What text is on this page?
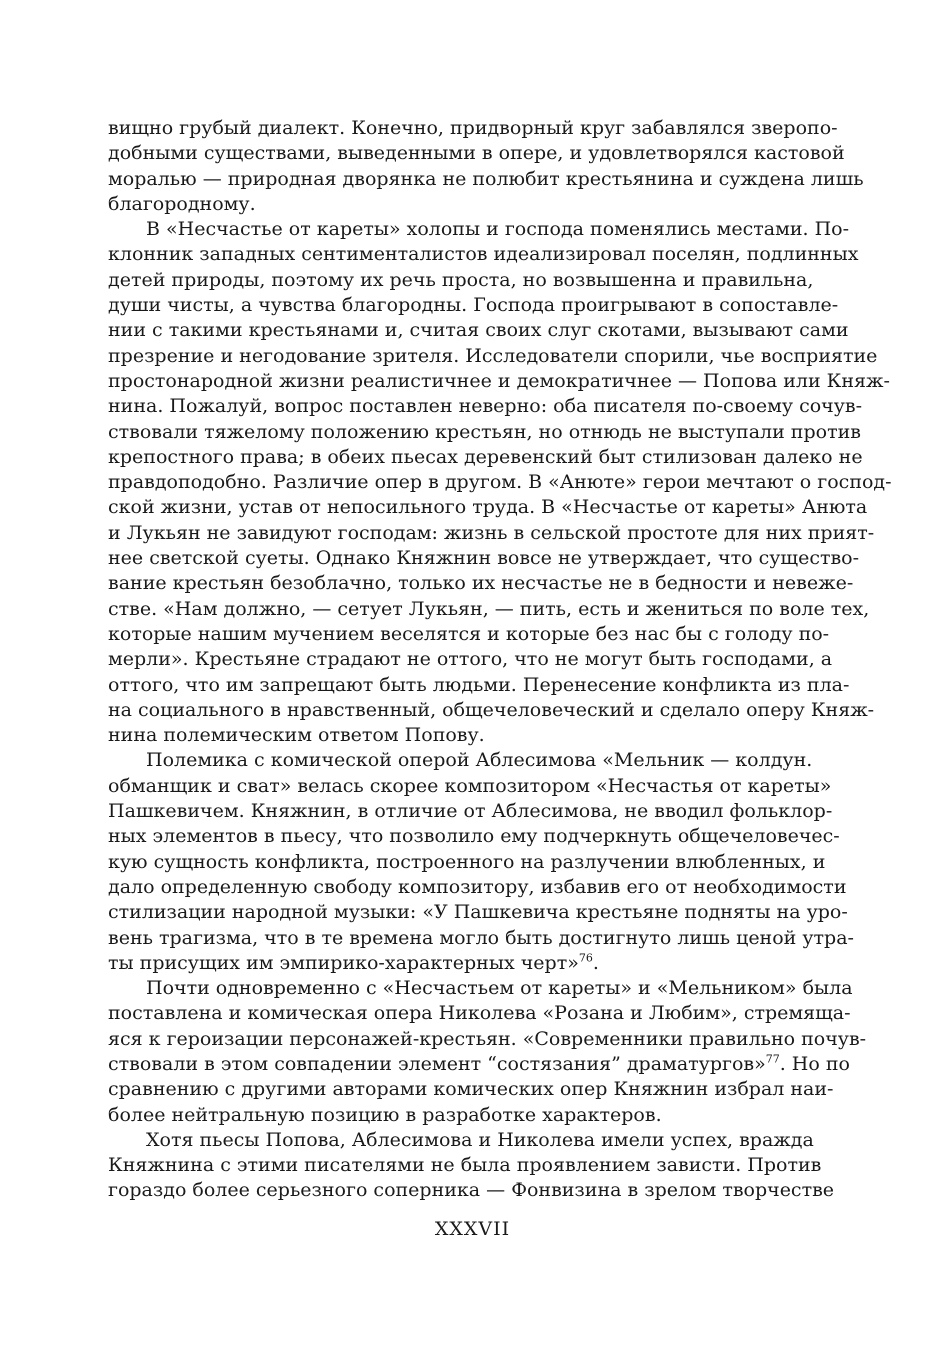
вищно грубый диалект. Конечно, придворный круг забавлялся зверопо-
добными существами, выведенными в опере, и удовлетворялся кастовой
моралью — природная дворянка не полюбит крестьянина и суждена лишь
благородному.
В «Несчастье от кареты» холопы и господа поменялись местами. По-
клонник западных сентименталистов идеализировал поселян, подлинных
детей природы, поэтому их речь проста, но возвышенна и правильна,
души чисты, а чувства благородны. Господа проигрывают в сопоставле-
нии с такими крестьянами и, считая своих слуг скотами, вызывают сами
презрение и негодование зрителя. Исследователи спорили, чье восприятие
простонародной жизни реалистичнее и демократичнее — Попова или Княж-
нина. Пожалуй, вопрос поставлен неверно: оба писателя по-своему сочув-
ствовали тяжелому положению крестьян, но отнюдь не выступали против
крепостного права; в обеих пьесах деревенский быт стилизован далеко не
правдоподобно. Различие опер в другом. В «Анюте» герои мечтают о господ-
ской жизни, устав от непосильного труда. В «Несчастье от кареты» Анюта
и Лукьян не завидуют господам: жизнь в сельской простоте для них прият-
нее светской суеты. Однако Княжнин вовсе не утверждает, что существо-
вание крестьян безоблачно, только их несчастье не в бедности и невеже-
стве. «Нам должно, — сетует Лукьян, — пить, есть и жениться по воле тех,
которые нашим мучением веселятся и которые без нас бы с голоду по-
мерли». Крестьяне страдают не оттого, что не могут быть господами, а
оттого, что им запрещают быть людьми. Перенесение конфликта из пла-
на социального в нравственный, общечеловеческий и сделало оперу Княж-
нина полемическим ответом Попову.
Полемика с комической оперой Аблесимова «Мельник — колдун.
обманщик и сват» велась скорее композитором «Несчастья от кареты»
Пашкевичем. Княжнин, в отличие от Аблесимова, не вводил фольклор-
ных элементов в пьесу, что позволило ему подчеркнуть общечеловечес-
кую сущность конфликта, построенного на разлучении влюбленных, и
дало определенную свободу композитору, избавив его от необходимости
стилизации народной музыки: «У Пашкевича крестьяне подняты на уро-
вень трагизма, что в те времена могло быть достигнуто лишь ценой утра-
ты присущих им эмпирико-характерных черт»$^{76}$.
Почти одновременно с «Несчастьем от кареты» и «Мельником» была
поставлена и комическая опера Николева «Розана и Любим», стремяща-
яся к героизации персонажей-крестьян. «Современники правильно почув-
ствовали в этом совпадении элемент “состязания” драматургов»$^{77}$. Но по
сравнению с другими авторами комических опер Княжнин избрал наи-
более нейтральную позицию в разработке характеров.
Хотя пьесы Попова, Аблесимова и Николева имели успех, вражда
Княжнина с этими писателями не была проявлением зависти. Против
гораздо более серьезного соперника — Фонвизина в зрелом творчестве
XXXVII
